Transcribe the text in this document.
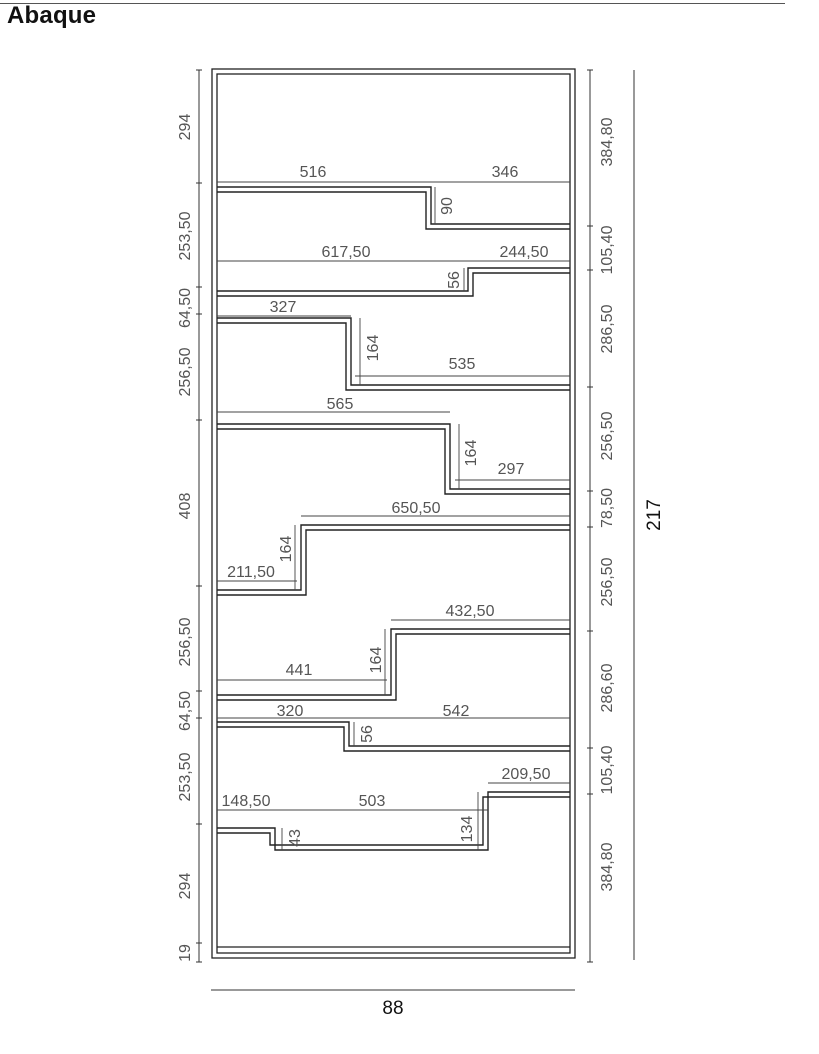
Abaque
294
253,50
64,50
256,50
408
256,50
64,50
253,50
294
19
384,80
105,40
286,50
256,50
78,50
256,50
286,60
105,40
384,80
217
88
516
90
346
617,50
56
244,50
327
164
535
565
164
297
211,50
164
650,50
441	164
432,50
320
56
542
148,50
43
503
134
209,50
